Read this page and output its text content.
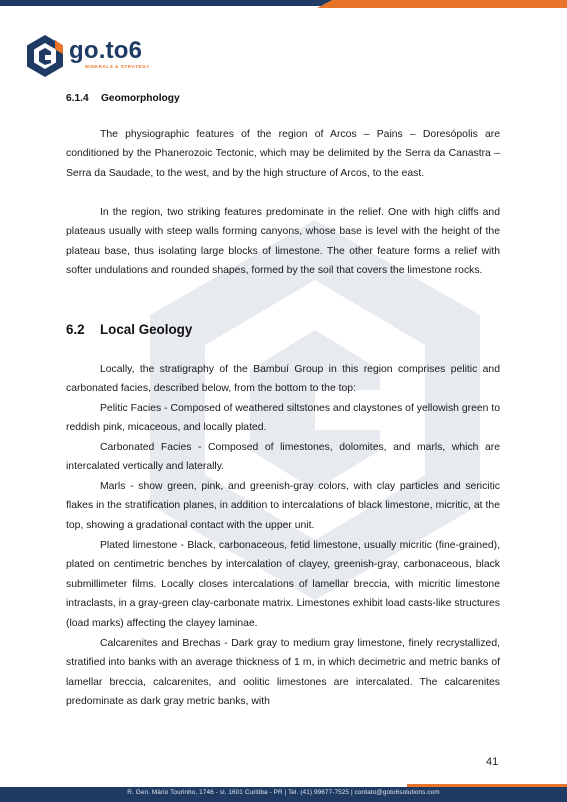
go.to6
MINERALS & STRATEGY
6.1.4 Geomorphology
The physiographic features of the region of Arcos – Pains – Doresópolis are conditioned by the Phanerozoic Tectonic, which may be delimited by the Serra da Canastra – Serra da Saudade, to the west, and by the high structure of Arcos, to the east.
In the region, two striking features predominate in the relief. One with high cliffs and plateaus usually with steep walls forming canyons, whose base is level with the height of the plateau base, thus isolating large blocks of limestone. The other feature forms a relief with softer undulations and rounded shapes, formed by the soil that covers the limestone rocks.
6.2 Local Geology
Locally, the stratigraphy of the Bambuí Group in this region comprises pelitic and carbonated facies, described below, from the bottom to the top:
Pelitic Facies - Composed of weathered siltstones and claystones of yellowish green to reddish pink, micaceous, and locally plated.
Carbonated Facies - Composed of limestones, dolomites, and marls, which are intercalated vertically and laterally.
Marls - show green, pink, and greenish-gray colors, with clay particles and sericitic flakes in the stratification planes, in addition to intercalations of black limestone, micritic, at the top, showing a gradational contact with the upper unit.
Plated limestone - Black, carbonaceous, fetid limestone, usually micritic (fine-grained), plated on centimetric benches by intercalation of clayey, greenish-gray, carbonaceous, black submillimeter films. Locally closes intercalations of lamellar breccia, with micritic limestone intraclasts, in a gray-green clay-carbonate matrix. Limestones exhibit load casts-like structures (load marks) affecting the clayey laminae.
Calcarenites and Brechas - Dark gray to medium gray limestone, finely recrystallized, stratified into banks with an average thickness of 1 m, in which decimetric and metric banks of lamellar breccia, calcarenites, and oolitic limestones are intercalated. The calcarenites predominate as dark gray metric banks, with
41
R. Gen. Mário Tourinho, 1746 - sl. 1601 Curitiba - PR | Tel. (41) 99677-7525 | contato@goto6solutions.com
